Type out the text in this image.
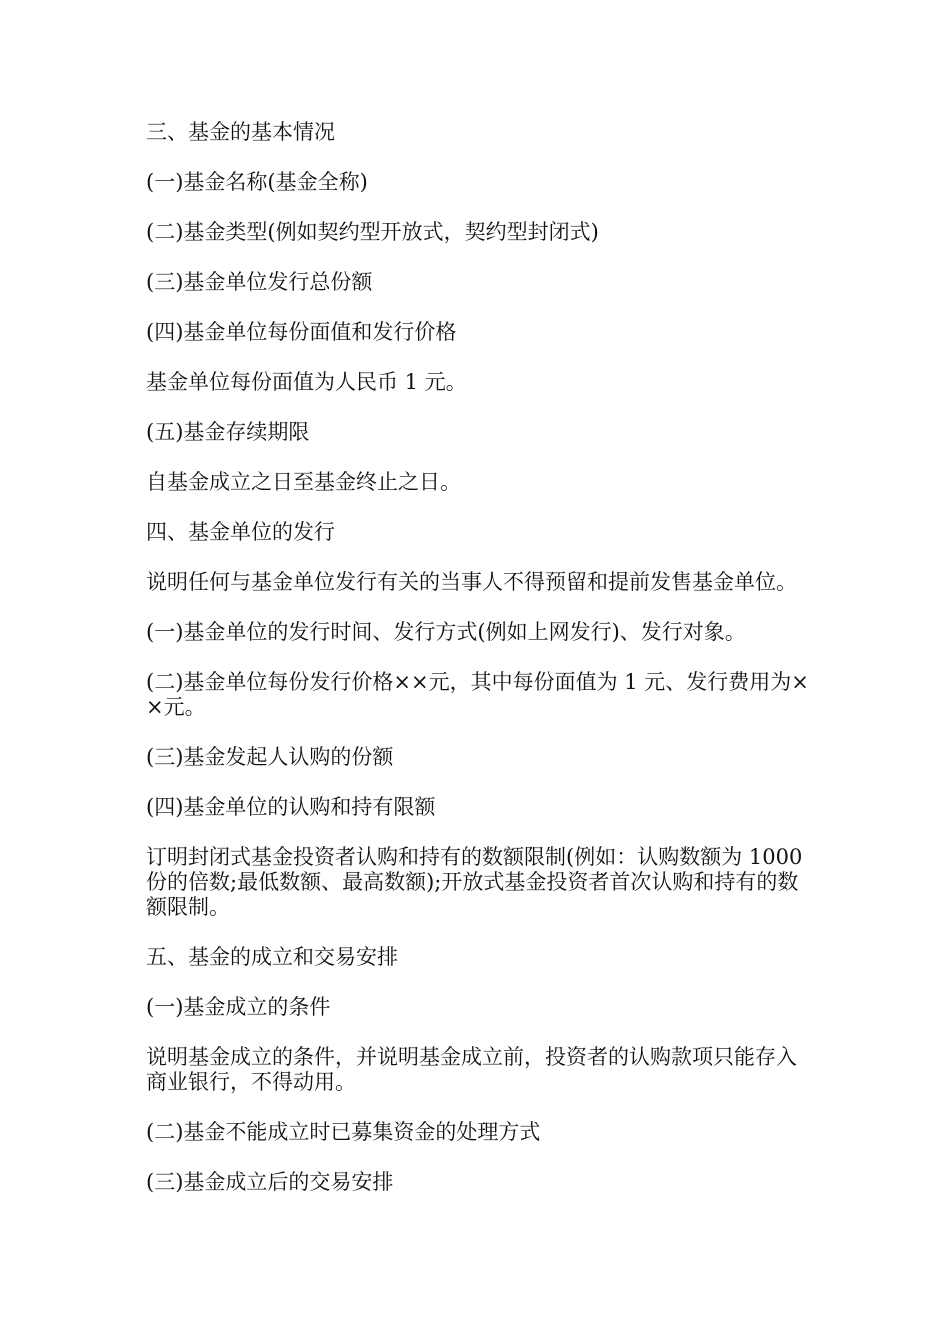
三、基金的基本情况

(一)基金名称(基金全称)

(二)基金类型(例如契约型开放式，契约型封闭式)

(三)基金单位发行总份额

(四)基金单位每份面值和发行价格

基金单位每份面值为人民币 1 元。

(五)基金存续期限

自基金成立之日至基金终止之日。

四、基金单位的发行

说明任何与基金单位发行有关的当事人不得预留和提前发售基金单位。

(一)基金单位的发行时间、发行方式(例如上网发行)、发行对象。

(二)基金单位每份发行价格××元，其中每份面值为 1 元、发行费用为××元。

(三)基金发起人认购的份额

(四)基金单位的认购和持有限额

订明封闭式基金投资者认购和持有的数额限制(例如：认购数额为 1000 份的倍数;最低数额、最高数额);开放式基金投资者首次认购和持有的数额限制。

五、基金的成立和交易安排

(一)基金成立的条件

说明基金成立的条件，并说明基金成立前，投资者的认购款项只能存入商业银行，不得动用。

(二)基金不能成立时已募集资金的处理方式

(三)基金成立后的交易安排
